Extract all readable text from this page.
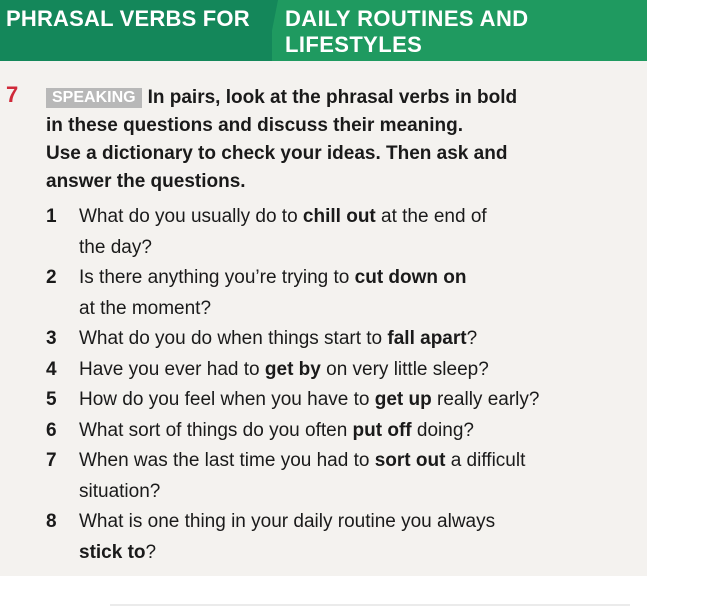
PHRASAL VERBS FOR DAILY ROUTINES AND
LIFESTYLES
7	SPEAKING In pairs, look at the phrasal verbs in bold
in these questions and discuss their meaning.
Use a dictionary to check your ideas. Then ask and
answer the questions.
1 What do you usually do to chill out at the end of
the day?
2 Is there anything you’re trying to cut down on
at the moment?
3 What do you do when things start to fall apart?
4 Have you ever had to get by on very little sleep?
5 How do you feel when you have to get up really early?
6 What sort of things do you often put off doing?
7 When was the last time you had to sort out a difficult
situation?
8 What is one thing in your daily routine you always
stick to?
